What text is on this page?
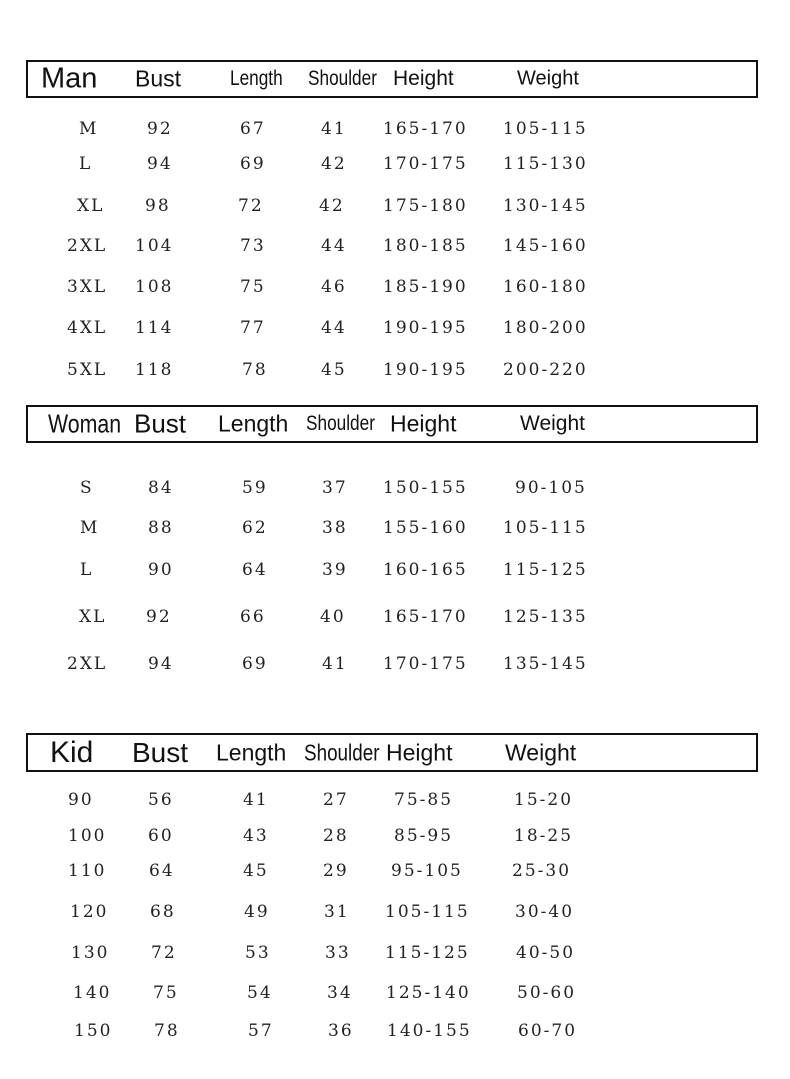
Man Bust Length Shoulder Height	Weight
M	92	67	41 165-170 105-115
L	94	69	42 170-175 115-130
XL 98	72	42 175-180 130-145
2XL 104	73	44 180-185 145-160
3XL 108	75	46 185-190 160-180
4XL 114	77	44 190-195 180-200
5XL 118	78	45 190-195 200-220
Woman Bust Length Shoulder Height	Weight
S	84	59	37 150-155	90-105
M	88	62	38 155-160 105-115
L	90	64	39 160-165 115-125
XL 92	66	40 165-170 125-135
2XL 94	69	41 170-175 135-145
Kid Bust Length Shoulder Height Weight
90	56	41	27	75-85	15-20
100 60	43	28	85-95	18-25
110	64	45	29 95-105	25-30
120 68	49	31 105-115	30-40
130 72	53	33 115-125	40-50
140 75	54	34 125-140	50-60
150 78	57	36 140-155	60-70
